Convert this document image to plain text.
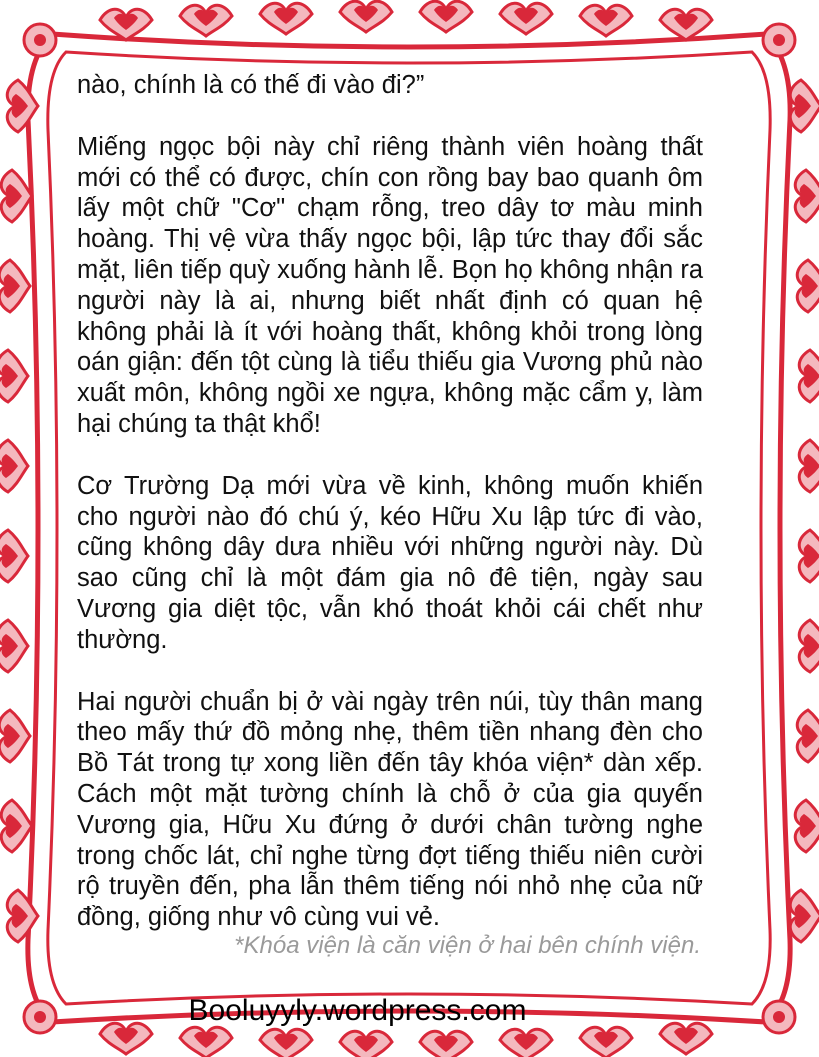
nào, chính là có thế đi vào đi?”

Miếng ngọc bội này chỉ riêng thành viên hoàng thất mới có thể có được, chín con rồng bay bao quanh ôm lấy một chữ "Cơ" chạm rỗng, treo dây tơ màu minh hoàng. Thị vệ vừa thấy ngọc bội, lập tức thay đổi sắc mặt, liên tiếp quỳ xuống hành lễ. Bọn họ không nhận ra người này là ai, nhưng biết nhất định có quan hệ không phải là ít với hoàng thất, không khỏi trong lòng oán giận: đến tột cùng là tiểu thiếu gia Vương phủ nào xuất môn, không ngồi xe ngựa, không mặc cẩm y, làm hại chúng ta thật khổ!

Cơ Trường Dạ mới vừa về kinh, không muốn khiến cho người nào đó chú ý, kéo Hữu Xu lập tức đi vào, cũng không dây dưa nhiều với những người này. Dù sao cũng chỉ là một đám gia nô đê tiện, ngày sau Vương gia diệt tộc, vẫn khó thoát khỏi cái chết như thường.

Hai người chuẩn bị ở vài ngày trên núi, tùy thân mang theo mấy thứ đồ mỏng nhẹ, thêm tiền nhang đèn cho Bồ Tát trong tự xong liền đến tây khóa viện* dàn xếp. Cách một mặt tường chính là chỗ ở của gia quyến Vương gia, Hữu Xu đứng ở dưới chân tường nghe trong chốc lát, chỉ nghe từng đợt tiếng thiếu niên cười rộ truyền đến, pha lẫn thêm tiếng nói nhỏ nhẹ của nữ đồng, giống như vô cùng vui vẻ.

*Khóa viện là căn viện ở hai bên chính viện.
Booluyyly.wordpress.com
